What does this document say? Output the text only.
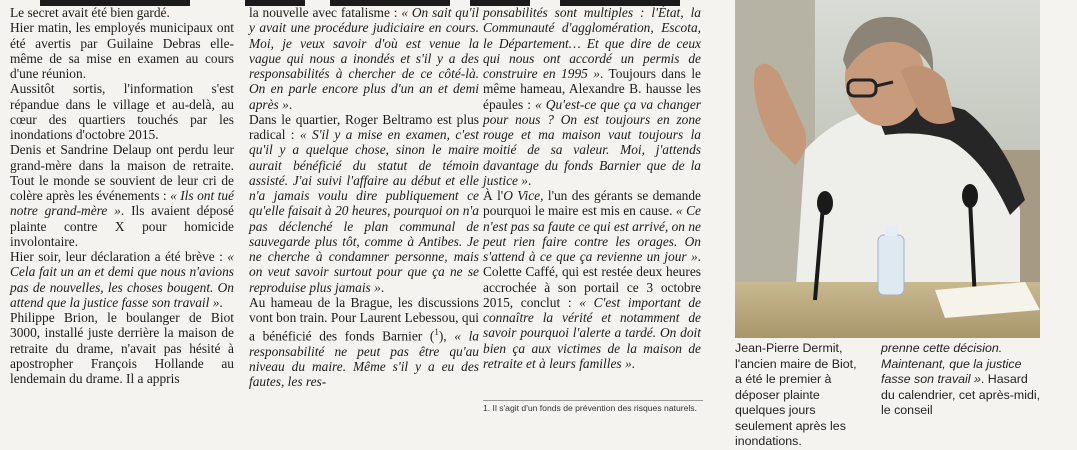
Le secret avait été bien gardé.

Hier matin, les employés municipaux ont été avertis par Guilaine Debras elle-même de sa mise en examen au cours d'une réunion.

Aussitôt sortis, l'information s'est répandue dans le village et au-delà, au cœur des quartiers touchés par les inondations d'octobre 2015.

Denis et Sandrine Delaup ont perdu leur grand-mère dans la maison de retraite. Tout le monde se souvient de leur cri de colère après les événements : « Ils ont tué notre grand-mère ». Ils avaient déposé plainte contre X pour homicide involontaire.

Hier soir, leur déclaration a été brève : « Cela fait un an et demi que nous n'avions pas de nouvelles, les choses bougent. On attend que la justice fasse son travail ».

Philippe Brion, le boulanger de Biot 3000, installé juste derrière la maison de retraite du drame, n'avait pas hésité à apostropher François Hollande au lendemain du drame. Il a appris

la nouvelle avec fatalisme : « On sait qu'il y avait une procédure judiciaire en cours. Moi, je veux savoir d'où est venue la vague qui nous a inondés et s'il y a des responsabilités à chercher de ce côté-là. On en parle encore plus d'un an et demi après ».

Dans le quartier, Roger Beltramo est plus radical : « S'il y a mise en examen, c'est qu'il y a quelque chose, sinon le maire aurait bénéficié du statut de témoin assisté. J'ai suivi l'affaire au début et elle n'a jamais voulu dire publiquement ce qu'elle faisait à 20 heures, pourquoi on n'a pas déclenché le plan communal de sauvegarde plus tôt, comme à Antibes. Je ne cherche à condamner personne, mais on veut savoir surtout pour que ça ne se reproduise plus jamais ».

Au hameau de la Brague, les discussions vont bon train. Pour Laurent Lebessou, qui a bénéficié des fonds Barnier ($^1$), « la responsabilité ne peut pas être qu'au niveau du maire. Même s'il y a eu des fautes, les res-

ponsabilités sont multiples : l'État, la Communauté d'agglomération, Escota, le Département… Et que dire de ceux qui nous ont accordé un permis de construire en 1995 ». Toujours dans le même hameau, Alexandre B. hausse les épaules : « Qu'est-ce que ça va changer pour nous ? On est toujours en zone rouge et ma maison vaut toujours la moitié de sa valeur. Moi, j'attends davantage du fonds Barnier que de la justice ».

À l'O Vice, l'un des gérants se demande pourquoi le maire est mis en cause. « Ce n'est pas sa faute ce qui est arrivé, on ne peut rien faire contre les orages. On s'attend à ce que ça revienne un jour ». Colette Caffé, qui est restée deux heures accrochée à son portail ce 3 octobre 2015, conclut : « C'est important de connaître la vérité et notamment de savoir pourquoi l'alerte a tardé. On doit bien ça aux victimes de la maison de retraite et à leurs familles ».

1. Il s'agit d'un fonds de prévention des risques naturels.
Jean-Pierre Dermit, l'ancien maire de Biot, a été le premier à déposer plainte quelques jours seulement après les inondations.
prenne cette décision. Maintenant, que la justice fasse son travail ». Hasard du calendrier, cet après-midi, le conseil
